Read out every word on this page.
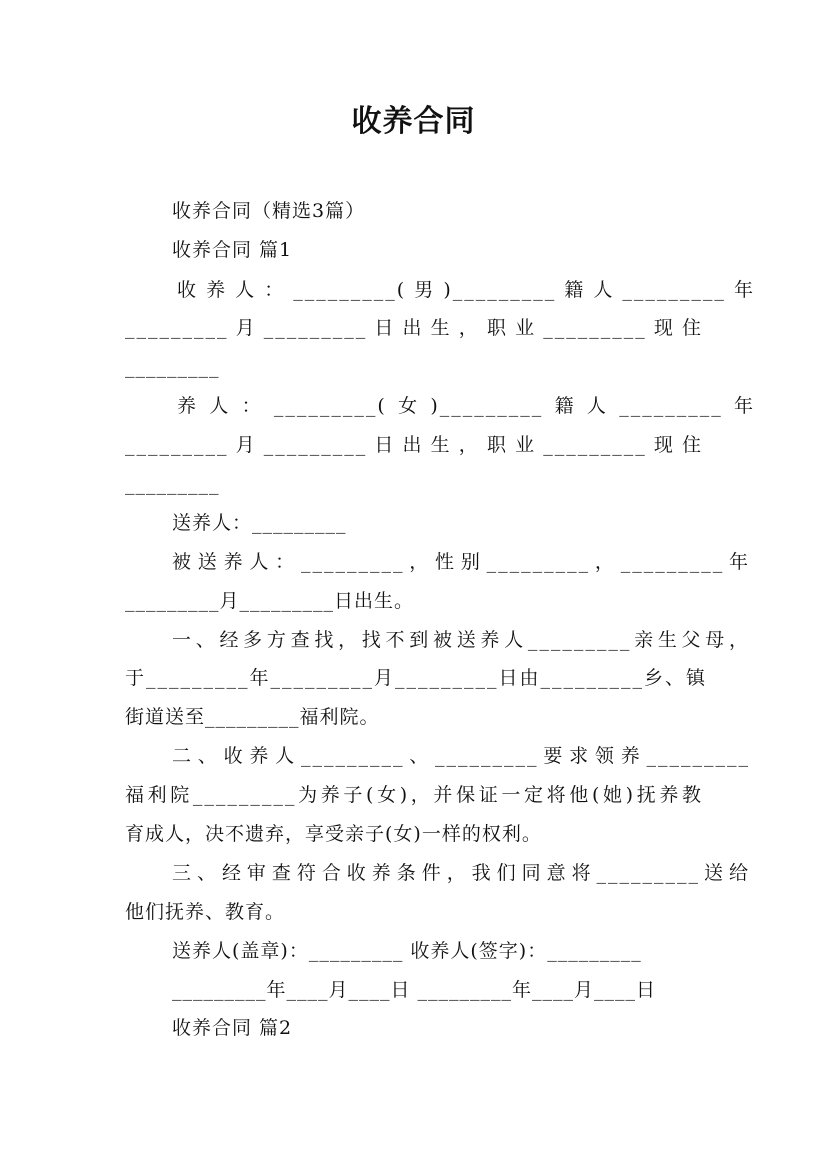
收养合同
收养合同（精选3篇）
收养合同 篇1
收养人：_________(男)_________籍人_________年
_________月_________日出生，职业_________现住
_________
养人：_________(女)_________籍人_________年
_________月_________日出生，职业_________现住
_________
送养人：_________
被送养人：_________，性别_________，_________年
_________月_________日出生。
一、经多方查找，找不到被送养人_________亲生父母，
于_________年_________月_________日由_________乡、镇
街道送至_________福利院。
二、收养人_________、_________要求领养_________
福利院_________为养子(女)，并保证一定将他(她)抚养教
育成人，决不遗弃，享受亲子(女)一样的权利。
三、经审查符合收养条件，我们同意将_________送给
他们抚养、教育。
送养人(盖章)：_________ 收养人(签字)：_________
_________年____月____日 _________年____月____日
收养合同 篇2
